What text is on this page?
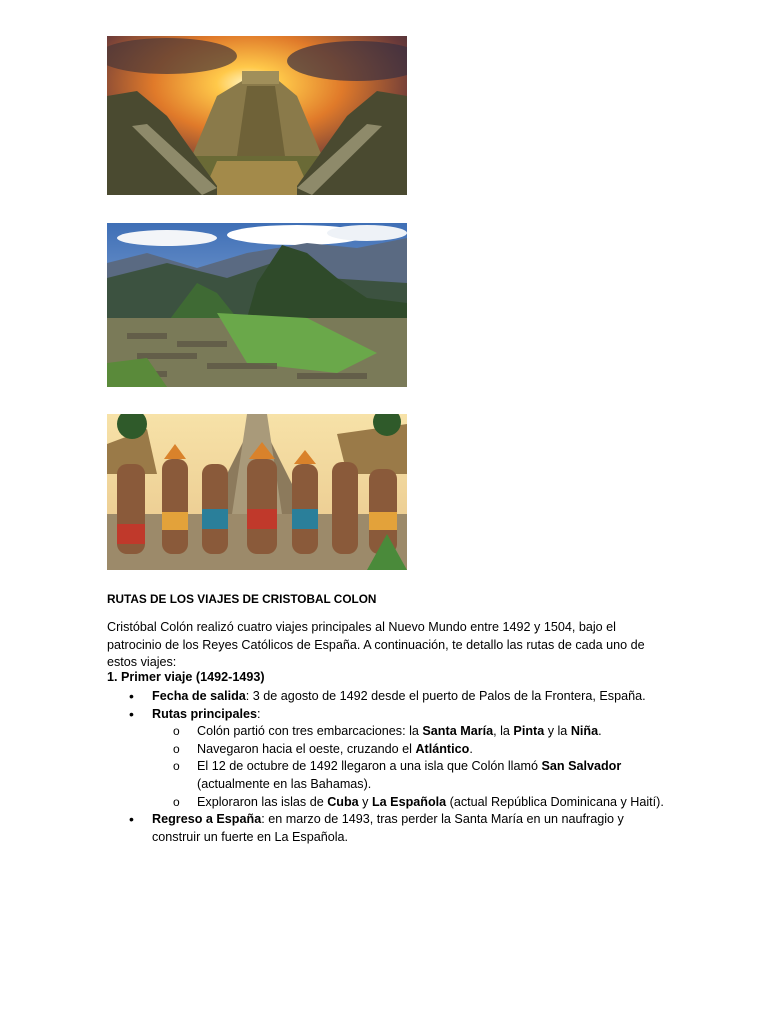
RUTAS DE LOS VIAJES DE CRISTOBAL COLON
Cristóbal Colón realizó cuatro viajes principales al Nuevo Mundo entre 1492 y 1504, bajo el patrocinio de los Reyes Católicos de España. A continuación, te detallo las rutas de cada uno de estos viajes:
1. Primer viaje (1492-1493)
• Fecha de salida: 3 de agosto de 1492 desde el puerto de Palos de la Frontera, España.
• Rutas principales:
o Colón partió con tres embarcaciones: la Santa María, la Pinta y la Niña.
o Navegaron hacia el oeste, cruzando el Atlántico.
o El 12 de octubre de 1492 llegaron a una isla que Colón llamó San Salvador (actualmente en las Bahamas).
o Exploraron las islas de Cuba y La Española (actual República Dominicana y Haití).
• Regreso a España: en marzo de 1493, tras perder la Santa María en un naufragio y construir un fuerte en La Española.
